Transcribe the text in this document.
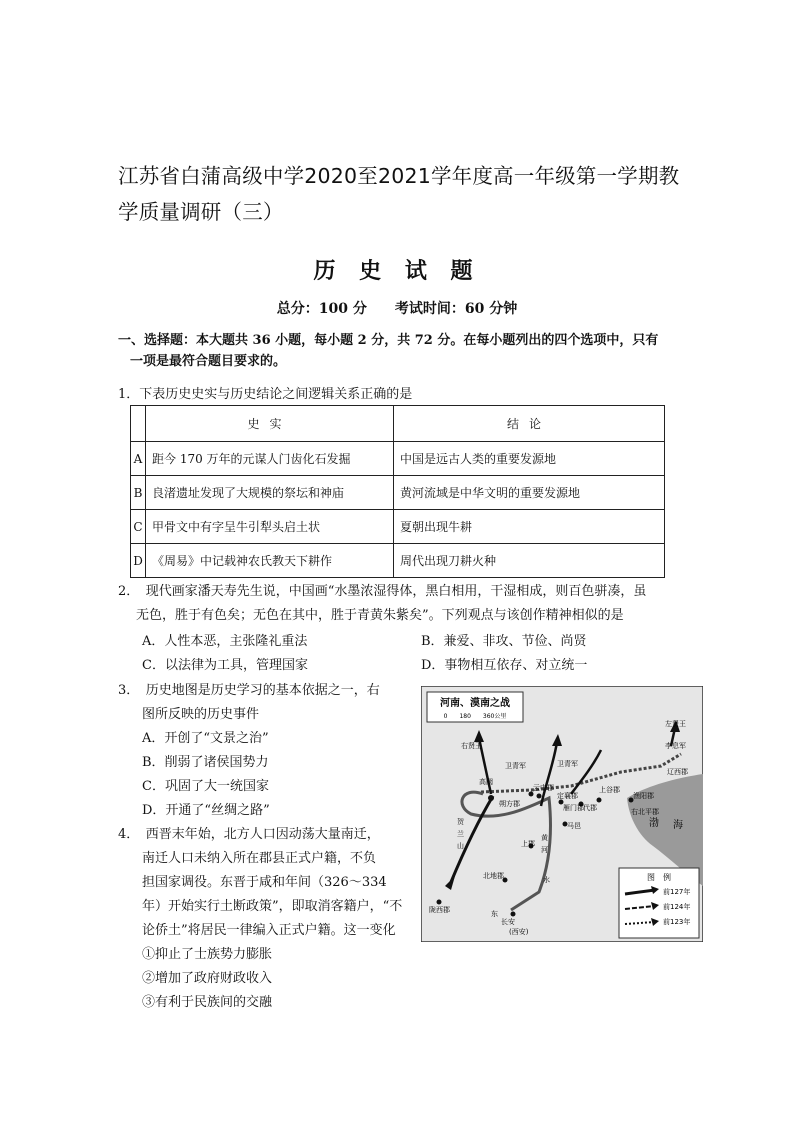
江苏省白蒲高级中学2020至2021学年度高一年级第一学期教
学质量调研（三）
历 史 试 题
总分：100 分　　考试时间：60 分钟
一、选择题：本大题共 36 小题，每小题 2 分，共 72 分。在每小题列出的四个选项中，只有
一项是最符合题目要求的。
1．下表历史史实与历史结论之间逻辑关系正确的是
	史实	结论
A	距今 170 万年的元谋人门齿化石发掘	中国是远古人类的重要发源地
B	良渚遗址发现了大规模的祭坛和神庙	黄河流域是中华文明的重要发源地
C	甲骨文中有字呈牛引犁头启土状	夏朝出现牛耕
D	《周易》中记载神农氏教天下耕作	周代出现刀耕火种
2．　现代画家潘天寿先生说，中国画“水墨浓湿得体，黑白相用，干湿相成，则百色骈凑，虽
无色，胜于有色矣；无色在其中，胜于青黄朱紫矣”。下列观点与该创作精神相似的是
A．人性本恶，主张隆礼重法	B．兼爱、非攻、节俭、尚贤
C．以法律为工具，管理国家	D．事物相互依存、对立统一
3．　历史地图是历史学习的基本依据之一，右
图所反映的历史事件
A．开创了“文景之治”
B．削弱了诸侯国势力
C．巩固了大一统国家
D．开通了“丝绸之路”
4．　西晋末年始，北方人口因动荡大量南迁，
南迁人口未纳入所在郡县正式户籍，不负
担国家调役。东晋于咸和年间（326～334
年）开始实行土断政策”，即取消客籍户，“不
论侨土”将居民一律编入正式户籍。这一变化
①抑止了士族势力膨胀
②增加了政府财政收入
③有利于民族间的交融
河南、漠南之战
0　　180　　360公里
左贤王
右贤王
卫青军	卫青军
高阙
云中郡
朔方郡
定襄郡
上谷郡
渔阳郡
代郡
雁门郡
马邑
右北平郡
辽西郡
李息军
上郡
北地郡
陇西郡
长安
(西安)
渤 海
贺
兰
山
黄
河
水
东
图　例
前127年
前124年
前123年
